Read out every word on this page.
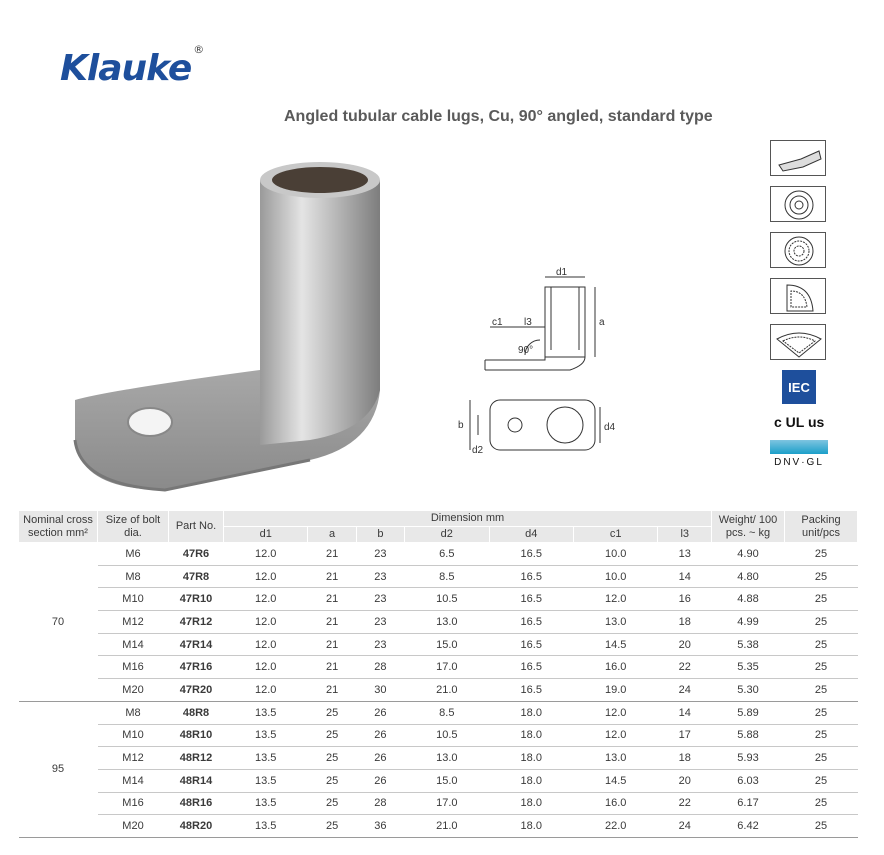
Klauke ®
Angled tubular cable lugs, Cu, 90° angled, standard type
d1
a
c1 l3
90°
b
d2
d4
IEC
c UL us
DNV·GL
Nominal cross section mm²	Size of bolt dia.	Part No.	Dimension mm							Weight/ 100 pcs. ~ kg	Packing unit/pcs
			d1	a	b	d2	d4	c1	l3		
70	M6	47R6	12.0	21	23	6.5	16.5	10.0	13	4.90	25
	M8	47R8	12.0	21	23	8.5	16.5	10.0	14	4.80	25
	M10	47R10	12.0	21	23	10.5	16.5	12.0	16	4.88	25
	M12	47R12	12.0	21	23	13.0	16.5	13.0	18	4.99	25
	M14	47R14	12.0	21	23	15.0	16.5	14.5	20	5.38	25
	M16	47R16	12.0	21	28	17.0	16.5	16.0	22	5.35	25
	M20	47R20	12.0	21	30	21.0	16.5	19.0	24	5.30	25
95	M8	48R8	13.5	25	26	8.5	18.0	12.0	14	5.89	25
	M10	48R10	13.5	25	26	10.5	18.0	12.0	17	5.88	25
	M12	48R12	13.5	25	26	13.0	18.0	13.0	18	5.93	25
	M14	48R14	13.5	25	26	15.0	18.0	14.5	20	6.03	25
	M16	48R16	13.5	25	28	17.0	18.0	16.0	22	6.17	25
	M20	48R20	13.5	25	36	21.0	18.0	22.0	24	6.42	25
